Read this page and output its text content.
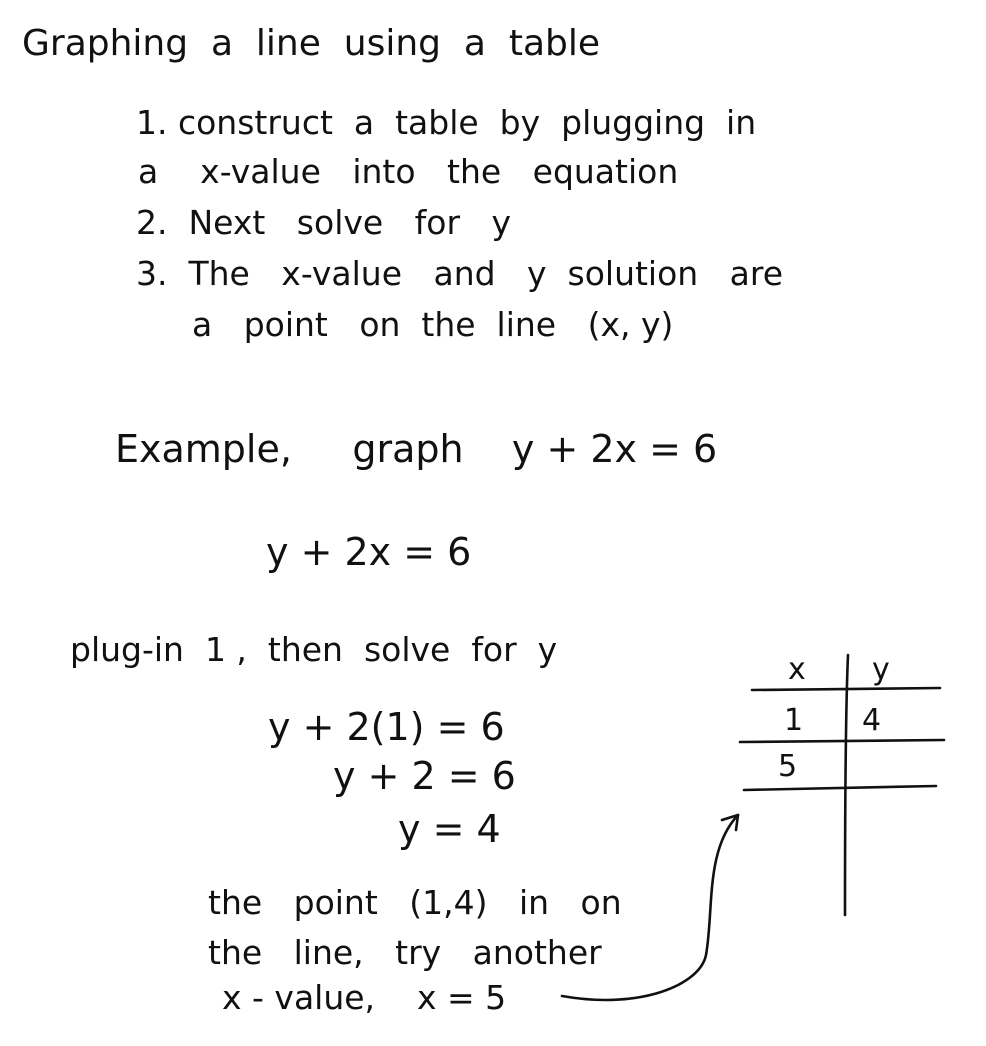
Graphing  a  line  using  a  table
1. construct  a  table  by  plugging  in
a    x-value   into   the   equation
2.  Next   solve   for   y
3.  The   x-value   and   y  solution   are
a   point   on  the  line   (x, y)
Example,     graph    y + 2x = 6
y + 2x = 6
plug-in  1 ,  then  solve  for  y
y + 2(1) = 6
y + 2 = 6
y = 4
the   point   (1,4)   in   on
the   line,   try   another
x - value,    x = 5
x y
1 4
5
